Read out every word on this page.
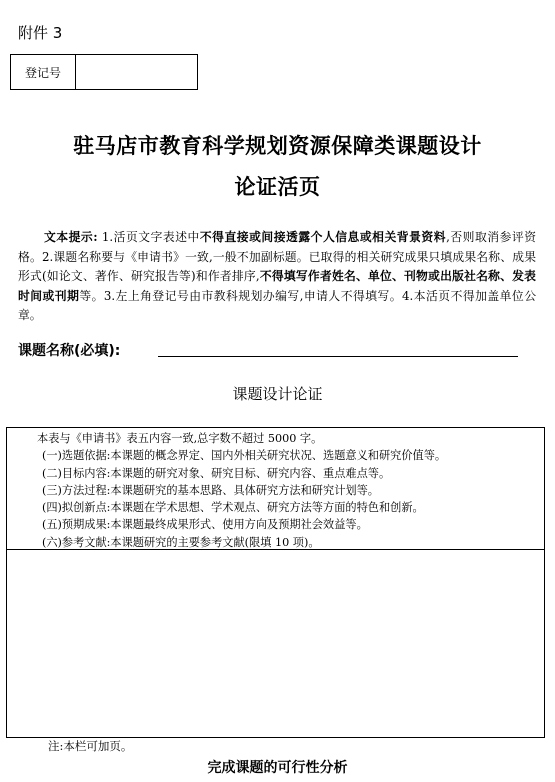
附件 3
登记号
驻马店市教育科学规划资源保障类课题设计
论证活页
文本提示: 1.活页文字表述中不得直接或间接透露个人信息或相关背景资料,否则取消参评资格。2.课题名称要与《申请书》一致,一般不加副标题。已取得的相关研究成果只填成果名称、成果形式(如论文、著作、研究报告等)和作者排序,不得填写作者姓名、单位、刊物或出版社名称、发表时间或刊期等。3.左上角登记号由市教科规划办编写,申请人不得填写。4.本活页不得加盖单位公章。
课题名称(必填):
课题设计论证
本表与《申请书》表五内容一致,总字数不超过 5000 字。
(一)选题依据:本课题的概念界定、国内外相关研究状况、选题意义和研究价值等。
(二)目标内容:本课题的研究对象、研究目标、研究内容、重点难点等。
(三)方法过程:本课题研究的基本思路、具体研究方法和研究计划等。
(四)拟创新点:本课题在学术思想、学术观点、研究方法等方面的特色和创新。
(五)预期成果:本课题最终成果形式、使用方向及预期社会效益等。
(六)参考文献:本课题研究的主要参考文献(限填 10 项)。
注:本栏可加页。
完成课题的可行性分析
